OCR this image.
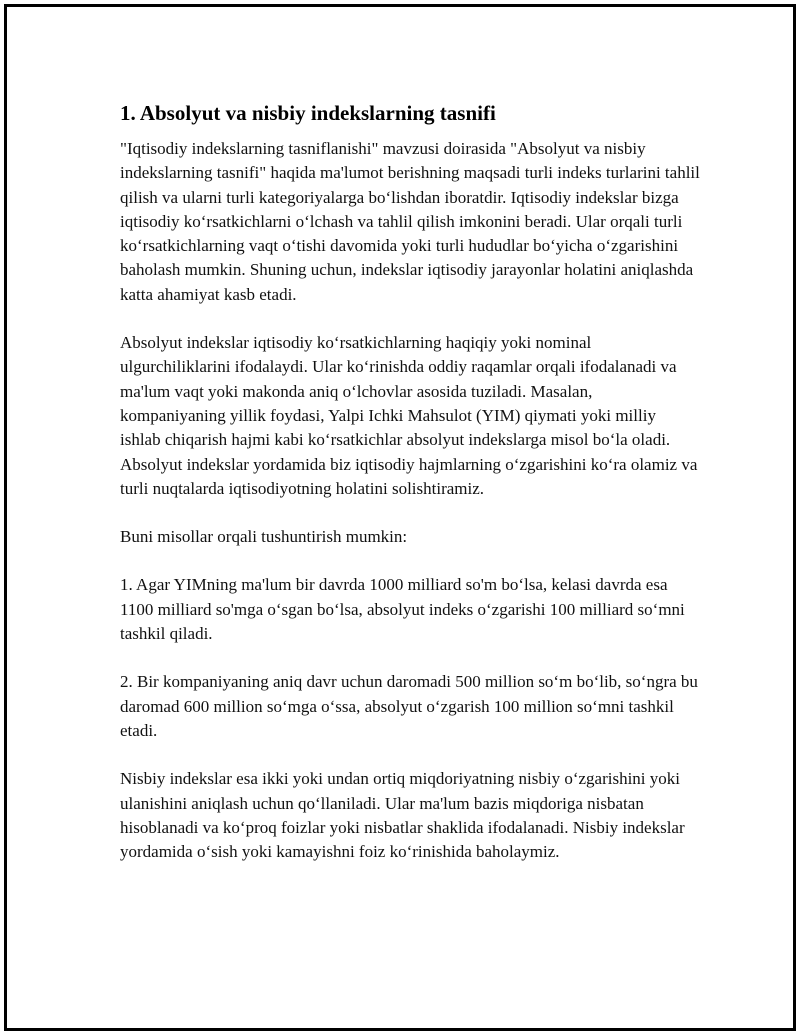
1. Absolyut va nisbiy indekslarning tasnifi

"Iqtisodiy indekslarning tasniflanishi" mavzusi doirasida "Absolyut va nisbiy indekslarning tasnifi" haqida ma'lumot berishning maqsadi turli indeks turlarini tahlil qilish va ularni turli kategoriyalarga bo‘lishdan iboratdir. Iqtisodiy indekslar bizga iqtisodiy ko‘rsatkichlarni o‘lchash va tahlil qilish imkonini beradi. Ular orqali turli ko‘rsatkichlarning vaqt o‘tishi davomida yoki turli hududlar bo‘yicha o‘zgarishini baholash mumkin. Shuning uchun, indekslar iqtisodiy jarayonlar holatini aniqlashda katta ahamiyat kasb etadi.

Absolyut indekslar iqtisodiy ko‘rsatkichlarning haqiqiy yoki nominal ulgurchiliklarini ifodalaydi. Ular ko‘rinishda oddiy raqamlar orqali ifodalanadi va ma'lum vaqt yoki makonda aniq o‘lchovlar asosida tuziladi. Masalan, kompaniyaning yillik foydasi, Yalpi Ichki Mahsulot (YIM) qiymati yoki milliy ishlab chiqarish hajmi kabi ko‘rsatkichlar absolyut indekslarga misol bo‘la oladi. Absolyut indekslar yordamida biz iqtisodiy hajmlarning o‘zgarishini ko‘ra olamiz va turli nuqtalarda iqtisodiyotning holatini solishtiramiz.

Buni misollar orqali tushuntirish mumkin:

1. Agar YIMning ma'lum bir davrda 1000 milliard so'm bo‘lsa, kelasi davrda esa 1100 milliard so'mga o‘sgan bo‘lsa, absolyut indeks o‘zgarishi 100 milliard so‘mni tashkil qiladi.

2. Bir kompaniyaning aniq davr uchun daromadi 500 million so‘m bo‘lib, so‘ngra bu daromad 600 million so‘mga o‘ssa, absolyut o‘zgarish 100 million so‘mni tashkil etadi.

Nisbiy indekslar esa ikki yoki undan ortiq miqdoriyatning nisbiy o‘zgarishini yoki ulanishini aniqlash uchun qo‘llaniladi. Ular ma'lum bazis miqdoriga nisbatan hisoblanadi va ko‘proq foizlar yoki nisbatlar shaklida ifodalanadi. Nisbiy indekslar yordamida o‘sish yoki kamayishni foiz ko‘rinishida baholaymiz.
